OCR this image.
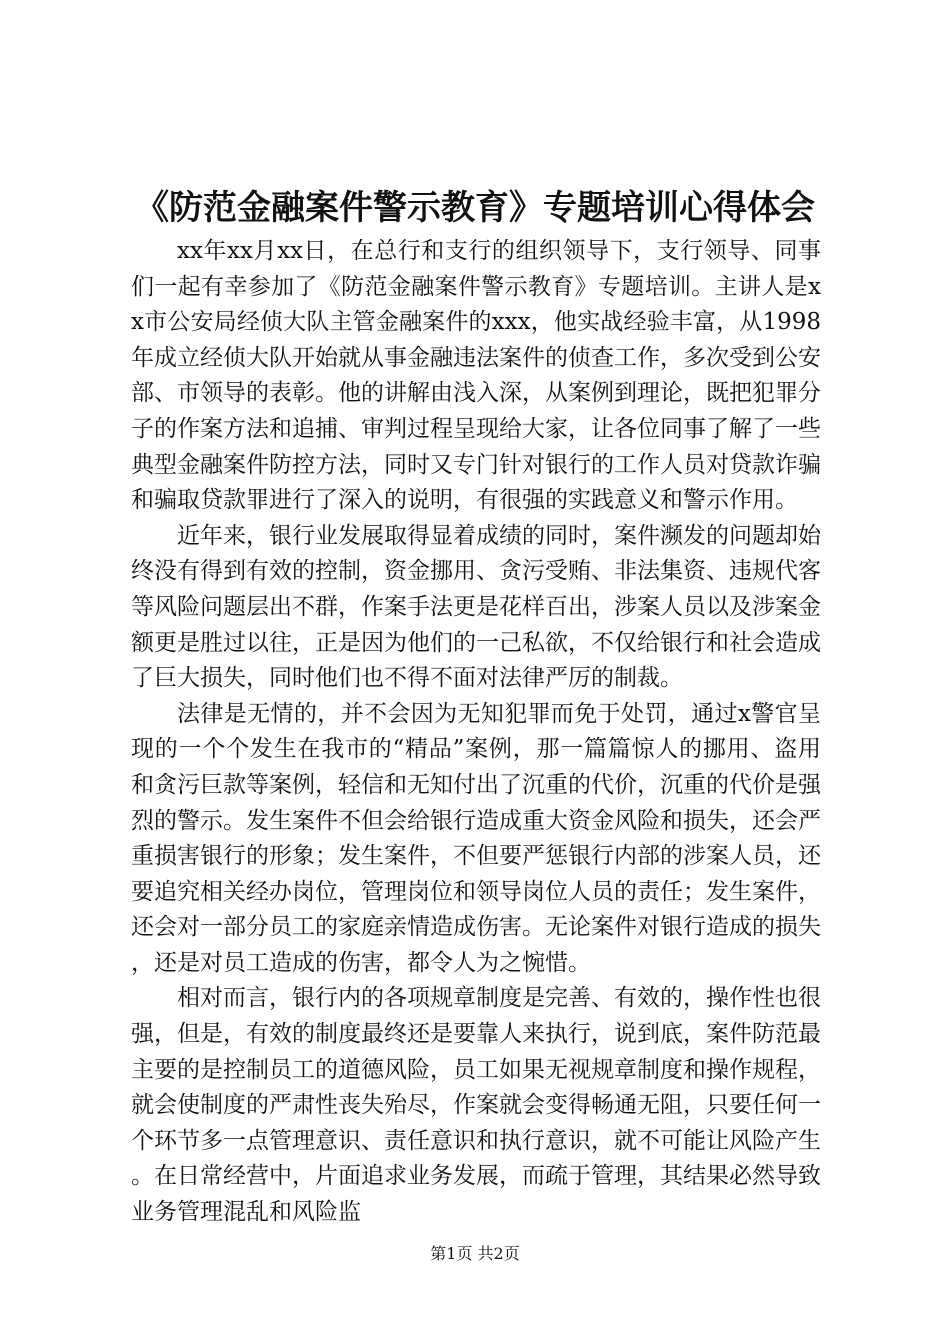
《防范金融案件警示教育》专题培训心得体会

xx年xx月xx日，在总行和支行的组织领导下，支行领导、同事们一起有幸参加了《防范金融案件警示教育》专题培训。主讲人是xx市公安局经侦大队主管金融案件的xxx，他实战经验丰富，从1998年成立经侦大队开始就从事金融违法案件的侦查工作，多次受到公安部、市领导的表彰。他的讲解由浅入深，从案例到理论，既把犯罪分子的作案方法和追捕、审判过程呈现给大家，让各位同事了解了一些典型金融案件防控方法，同时又专门针对银行的工作人员对贷款诈骗和骗取贷款罪进行了深入的说明，有很强的实践意义和警示作用。

近年来，银行业发展取得显着成绩的同时，案件濒发的问题却始终没有得到有效的控制，资金挪用、贪污受贿、非法集资、违规代客等风险问题层出不群，作案手法更是花样百出，涉案人员以及涉案金额更是胜过以往，正是因为他们的一己私欲，不仅给银行和社会造成了巨大损失，同时他们也不得不面对法律严厉的制裁。

法律是无情的，并不会因为无知犯罪而免于处罚，通过x警官呈现的一个个发生在我市的“精品”案例，那一篇篇惊人的挪用、盗用和贪污巨款等案例，轻信和无知付出了沉重的代价，沉重的代价是强烈的警示。发生案件不但会给银行造成重大资金风险和损失，还会严重损害银行的形象；发生案件，不但要严惩银行内部的涉案人员，还要追究相关经办岗位，管理岗位和领导岗位人员的责任；发生案件，还会对一部分员工的家庭亲情造成伤害。无论案件对银行造成的损失，还是对员工造成的伤害，都令人为之惋惜。

相对而言，银行内的各项规章制度是完善、有效的，操作性也很强，但是，有效的制度最终还是要靠人来执行，说到底，案件防范最主要的是控制员工的道德风险，员工如果无视规章制度和操作规程，就会使制度的严肃性丧失殆尽，作案就会变得畅通无阻，只要任何一个环节多一点管理意识、责任意识和执行意识，就不可能让风险产生。在日常经营中，片面追求业务发展，而疏于管理，其结果必然导致业务管理混乱和风险监

第1页 共2页
